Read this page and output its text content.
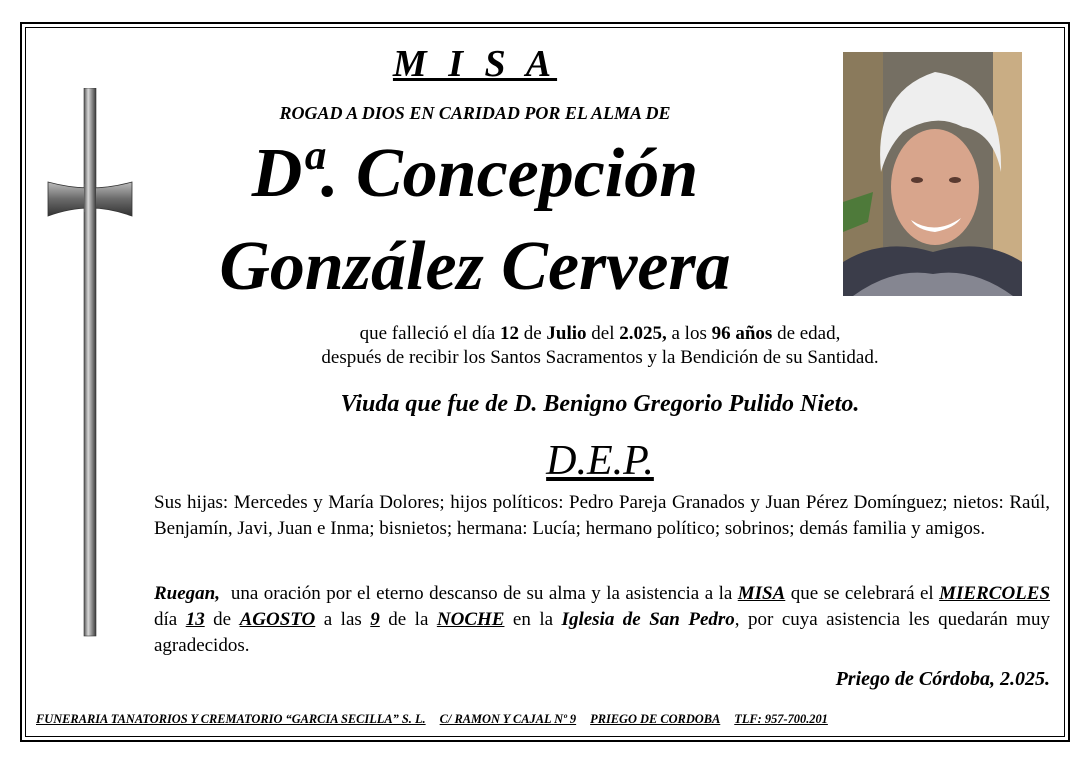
M I S A
ROGAD A DIOS EN CARIDAD POR EL ALMA DE
Dª. Concepción
González Cervera
que falleció el día 12 de Julio del 2.025, a los 96 años de edad,
después de recibir los Santos Sacramentos y la Bendición de su Santidad.
Viuda que fue de D. Benigno Gregorio Pulido Nieto.
D.E.P.
Sus hijas: Mercedes y María Dolores; hijos políticos: Pedro Pareja Granados y Juan Pérez Domínguez; nietos: Raúl, Benjamín, Javi, Juan e Inma; bisnietos; hermana: Lucía; hermano político; sobrinos; demás familia y amigos.
Ruegan,  una oración por el eterno descanso de su alma y la asistencia a la MISA que se celebrará el MIERCOLES día 13 de AGOSTO a las 9 de la NOCHE en la Iglesia de San Pedro, por cuya asistencia les quedarán muy agradecidos.
Priego de Córdoba, 2.025.
FUNERARIA TANATORIOS Y CREMATORIO “GARCIA SECILLA” S. L. C/ RAMON Y CAJAL Nº 9 PRIEGO DE CORDOBA TLF: 957-700.201
